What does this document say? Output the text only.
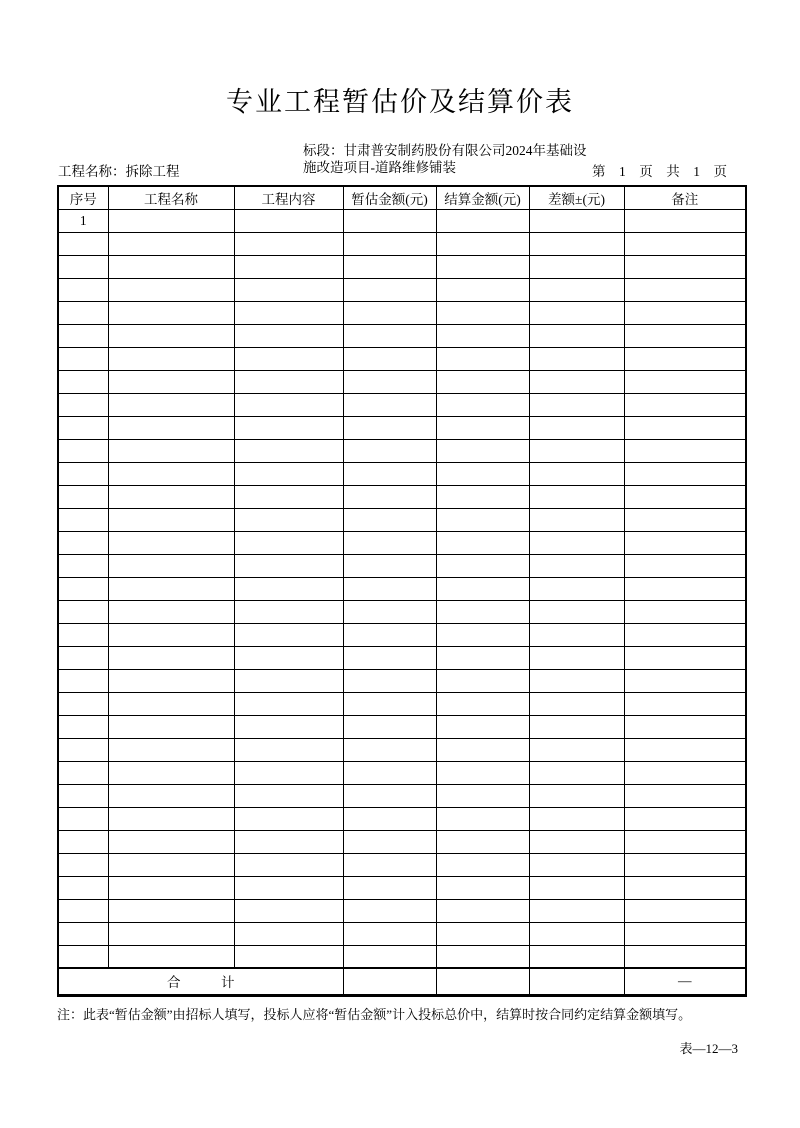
专业工程暂估价及结算价表
工程名称：拆除工程
标段：甘肃普安制药股份有限公司2024年基础设施改造项目-道路维修铺装	第　1　页　共　1　页
序号	工程名称	工程内容	暂估金额(元)	结算金额(元)	差额±(元)	备注
1						

合　　　计						—
注：此表“暂估金额”由招标人填写，投标人应将“暂估金额”计入投标总价中，结算时按合同约定结算金额填写。
表—12—3
